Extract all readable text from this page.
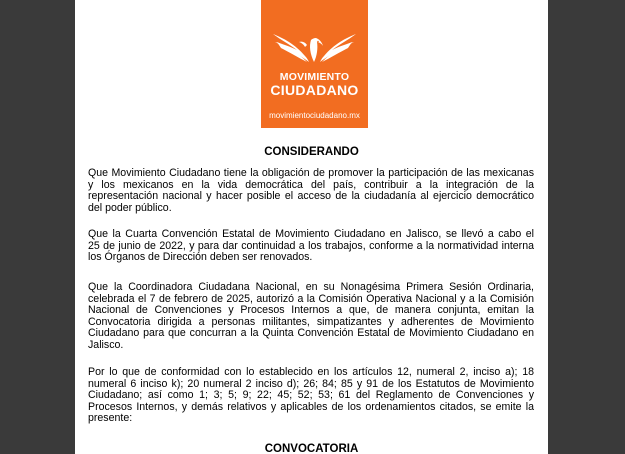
MOVIMIENTO
CIUDADANO
movimientociudadano.mx
CONSIDERANDO
Que Movimiento Ciudadano tiene la obligación de promover la participación de las mexicanas
y los mexicanos en la vida democrática del país, contribuir a la integración de la
representación nacional y hacer posible el acceso de la ciudadanía al ejercicio democrático
del poder público.
Que la Cuarta Convención Estatal de Movimiento Ciudadano en Jalisco, se llevó a cabo el
25 de junio de 2022, y para dar continuidad a los trabajos, conforme a la normatividad interna
los Órganos de Dirección deben ser renovados.
Que la Coordinadora Ciudadana Nacional, en su Nonagésima Primera Sesión Ordinaria,
celebrada el 7 de febrero de 2025, autorizó a la Comisión Operativa Nacional y a la Comisión
Nacional de Convenciones y Procesos Internos a que, de manera conjunta, emitan la
Convocatoria dirigida a personas militantes, simpatizantes y adherentes de Movimiento
Ciudadano para que concurran a la Quinta Convención Estatal de Movimiento Ciudadano en
Jalisco.
Por lo que de conformidad con lo establecido en los artículos 12, numeral 2, inciso a); 18
numeral 6 inciso k); 20 numeral 2 inciso d); 26; 84; 85 y 91 de los Estatutos de Movimiento
Ciudadano; así como 1; 3; 5; 9; 22; 45; 52; 53; 61 del Reglamento de Convenciones y
Procesos Internos, y demás relativos y aplicables de los ordenamientos citados, se emite la
presente:
CONVOCATORIA
